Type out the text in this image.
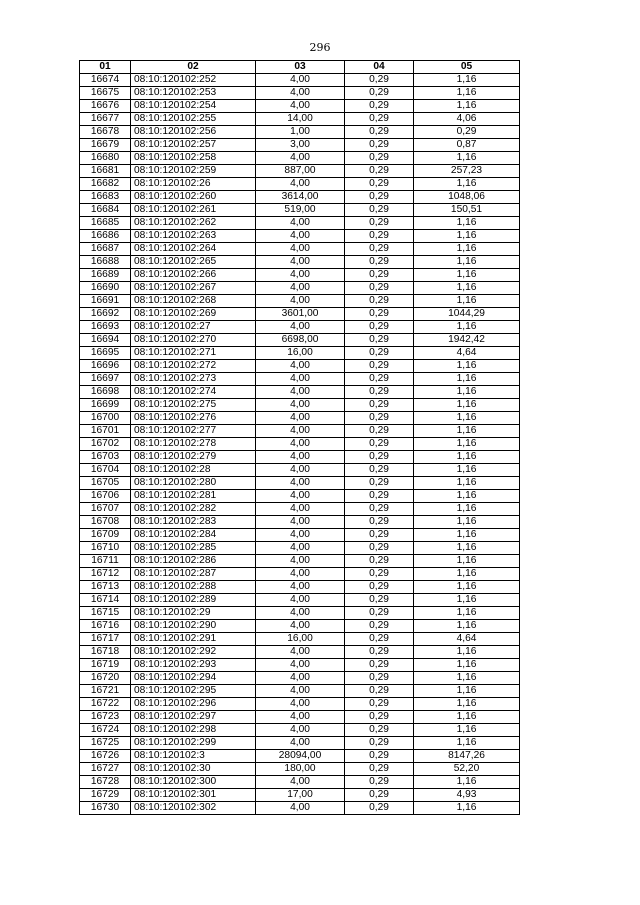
296
01	02	03	04	05
16674	08:10:120102:252	4,00	0,29	1,16
16675	08:10:120102:253	4,00	0,29	1,16
16676	08:10:120102:254	4,00	0,29	1,16
16677	08:10:120102:255	14,00	0,29	4,06
16678	08:10:120102:256	1,00	0,29	0,29
16679	08:10:120102:257	3,00	0,29	0,87
16680	08:10:120102:258	4,00	0,29	1,16
16681	08:10:120102:259	887,00	0,29	257,23
16682	08:10:120102:26	4,00	0,29	1,16
16683	08:10:120102:260	3614,00	0,29	1048,06
16684	08:10:120102:261	519,00	0,29	150,51
16685	08:10:120102:262	4,00	0,29	1,16
16686	08:10:120102:263	4,00	0,29	1,16
16687	08:10:120102:264	4,00	0,29	1,16
16688	08:10:120102:265	4,00	0,29	1,16
16689	08:10:120102:266	4,00	0,29	1,16
16690	08:10:120102:267	4,00	0,29	1,16
16691	08:10:120102:268	4,00	0,29	1,16
16692	08:10:120102:269	3601,00	0,29	1044,29
16693	08:10:120102:27	4,00	0,29	1,16
16694	08:10:120102:270	6698,00	0,29	1942,42
16695	08:10:120102:271	16,00	0,29	4,64
16696	08:10:120102:272	4,00	0,29	1,16
16697	08:10:120102:273	4,00	0,29	1,16
16698	08:10:120102:274	4,00	0,29	1,16
16699	08:10:120102:275	4,00	0,29	1,16
16700	08:10:120102:276	4,00	0,29	1,16
16701	08:10:120102:277	4,00	0,29	1,16
16702	08:10:120102:278	4,00	0,29	1,16
16703	08:10:120102:279	4,00	0,29	1,16
16704	08:10:120102:28	4,00	0,29	1,16
16705	08:10:120102:280	4,00	0,29	1,16
16706	08:10:120102:281	4,00	0,29	1,16
16707	08:10:120102:282	4,00	0,29	1,16
16708	08:10:120102:283	4,00	0,29	1,16
16709	08:10:120102:284	4,00	0,29	1,16
16710	08:10:120102:285	4,00	0,29	1,16
16711	08:10:120102:286	4,00	0,29	1,16
16712	08:10:120102:287	4,00	0,29	1,16
16713	08:10:120102:288	4,00	0,29	1,16
16714	08:10:120102:289	4,00	0,29	1,16
16715	08:10:120102:29	4,00	0,29	1,16
16716	08:10:120102:290	4,00	0,29	1,16
16717	08:10:120102:291	16,00	0,29	4,64
16718	08:10:120102:292	4,00	0,29	1,16
16719	08:10:120102:293	4,00	0,29	1,16
16720	08:10:120102:294	4,00	0,29	1,16
16721	08:10:120102:295	4,00	0,29	1,16
16722	08:10:120102:296	4,00	0,29	1,16
16723	08:10:120102:297	4,00	0,29	1,16
16724	08:10:120102:298	4,00	0,29	1,16
16725	08:10:120102:299	4,00	0,29	1,16
16726	08:10:120102:3	28094,00	0,29	8147,26
16727	08:10:120102:30	180,00	0,29	52,20
16728	08:10:120102:300	4,00	0,29	1,16
16729	08:10:120102:301	17,00	0,29	4,93
16730	08:10:120102:302	4,00	0,29	1,16
